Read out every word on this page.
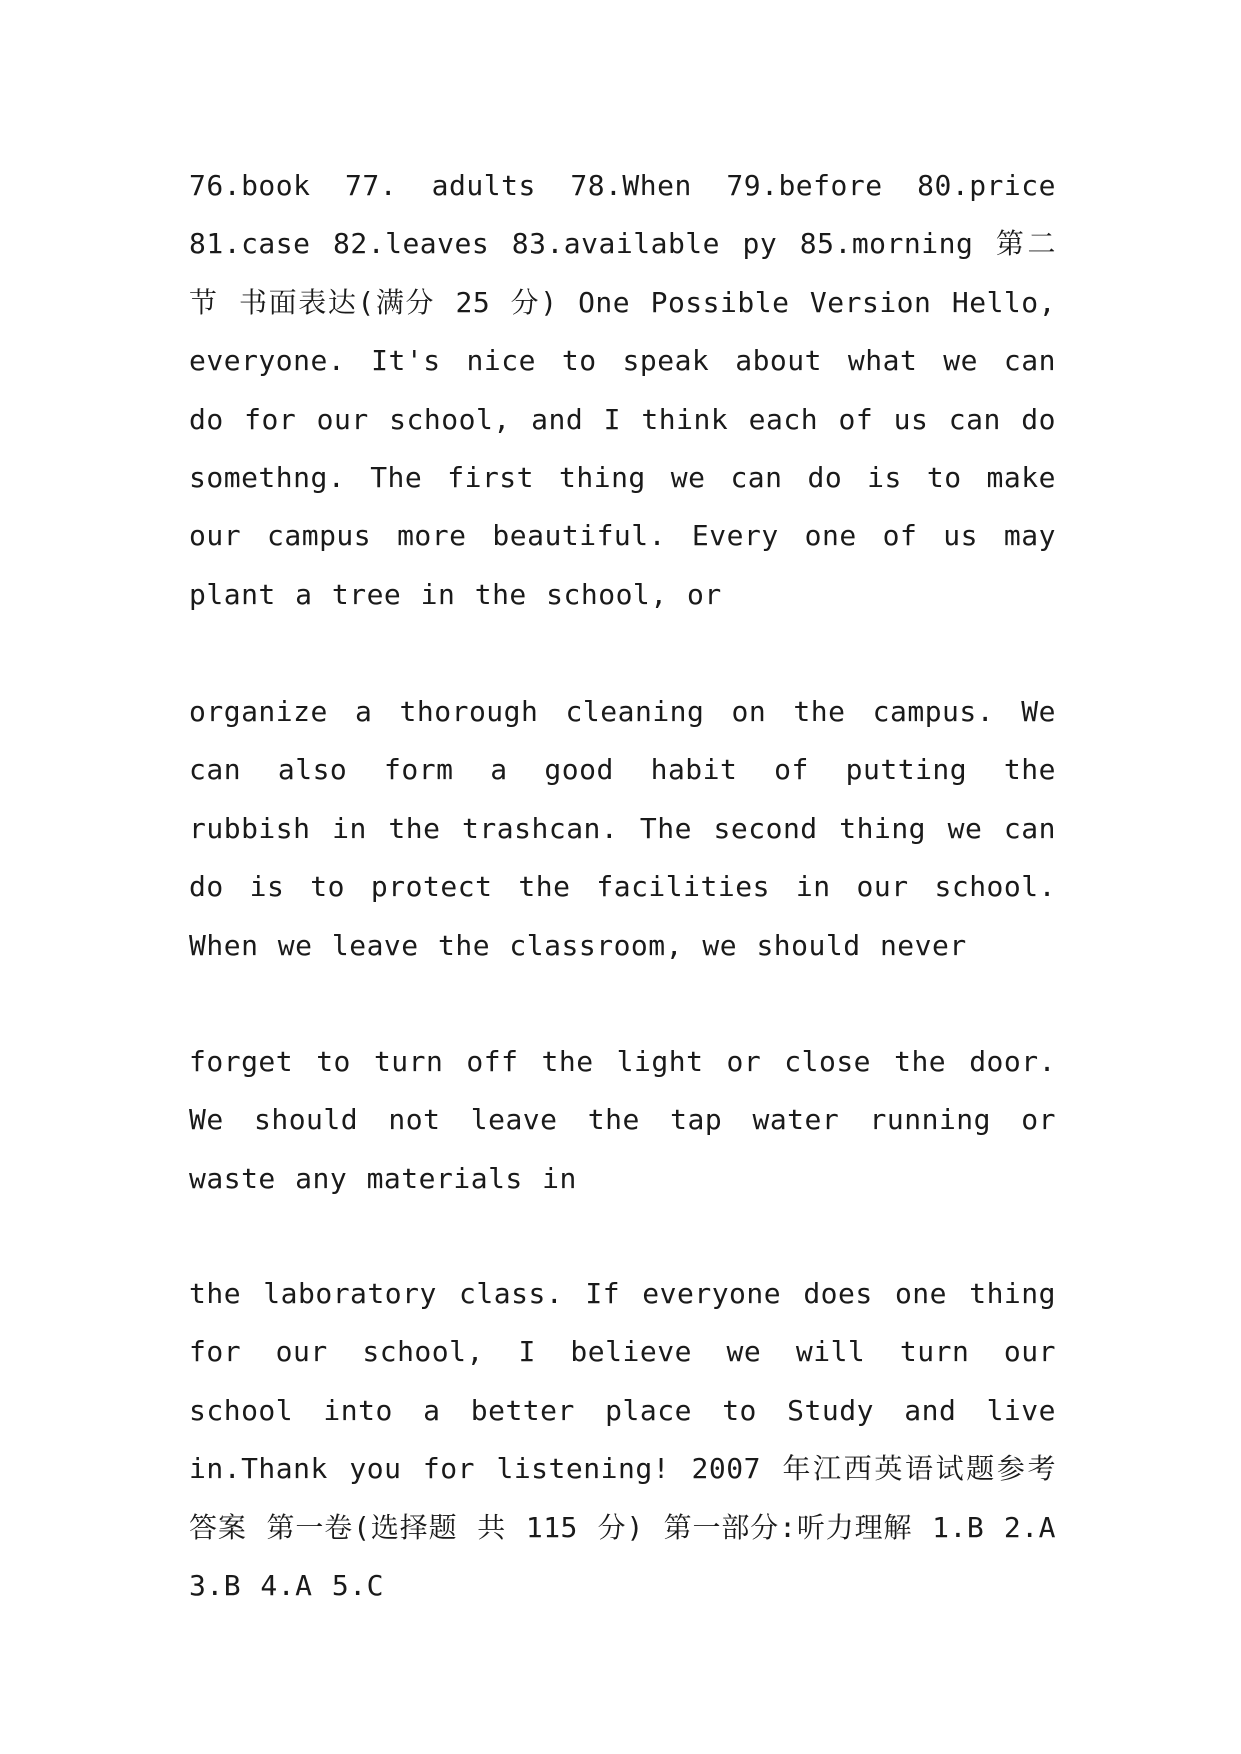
76.book 77. adults 78.When 79.before 80.price 81.case 82.leaves 83.available py 85.morning 第二节 书面表达(满分 25 分) One Possible Version Hello, everyone. It's nice to speak about what we can do for our school, and I think each of us can do somethng. The first thing we can do is to make our campus more beautiful. Every one of us may plant a tree in the school, or
organize a thorough cleaning on the campus. We can also form a good habit of putting the rubbish in the trashcan. The second thing we can do is to protect the facilities in our school. When we leave the classroom, we should never
forget to turn off the light or close the door. We should not leave the tap water running or waste any materials in
the laboratory class. If everyone does one thing for our school, I believe we will turn our school into a better place to Study and live in.Thank you for listening! 2007 年江西英语试题参考答案 第一卷(选择题 共 115 分) 第一部分:听力理解 1.B 2.A 3.B 4.A 5.C
